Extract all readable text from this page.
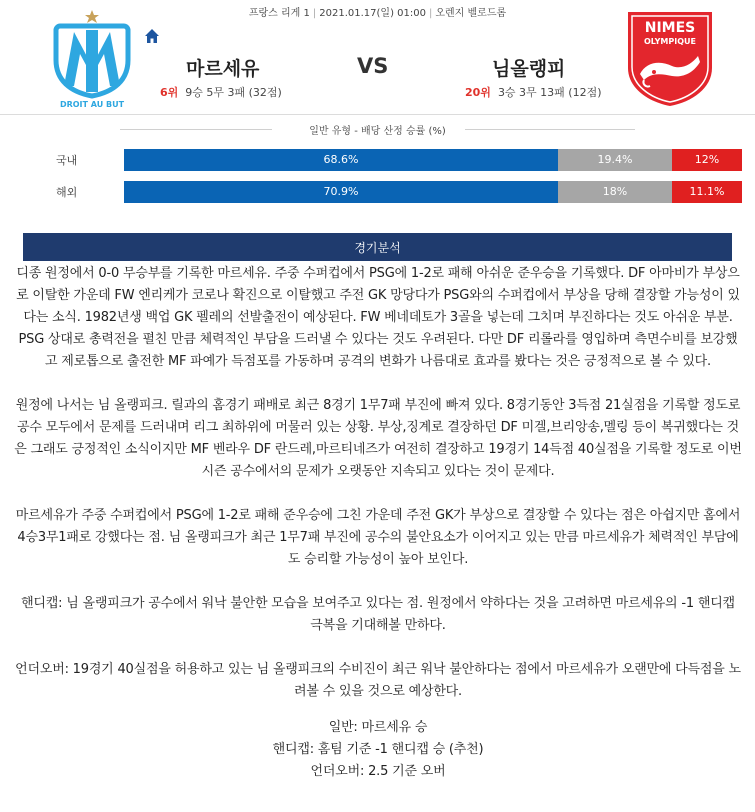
프랑스 리게 1 | 2021.01.17(일) 01:00 | 오렌지 벨로드롬
DROIT AU BUT
NIMES
OLYMPIQUE
마르세유	VS	님올랭피
6위 9승 5무 3패 (32점)	20위 3승 3무 13패 (12점)
일반 유형 - 배당 산정 승률 (%)
국내	68.6%	19.4%	12%
해외	70.9%	18%	11.1%
경기분석

디종 원정에서 0-0 무승부를 기록한 마르세유. 주중 수퍼컵에서 PSG에 1-2로 패해 아쉬운 준우승을 기록했다. DF 아마비가 부상으로 이탈한 가운데 FW 엔리케가 코로나 확진으로 이탈했고 주전 GK 망당다가 PSG와의 수퍼컵에서 부상을 당해 결장할 가능성이 있다는 소식. 1982년생 백업 GK 펠레의 선발출전이 예상된다. FW 베네데토가 3골을 넣는데 그치며 부진하다는 것도 아쉬운 부분. PSG 상대로 총력전을 펼친 만큼 체력적인 부담을 드러낼 수 있다는 것도 우려된다. 다만 DF 리롤라를 영입하며 측면수비를 보강했고 제로톱으로 출전한 MF 파예가 득점포를 가동하며 공격의 변화가 나름대로 효과를 봤다는 것은 긍정적으로 볼 수 있다.

원정에 나서는 님 올랭피크. 릴과의 홈경기 패배로 최근 8경기 1무7패 부진에 빠져 있다. 8경기동안 3득점 21실점을 기록할 정도로 공수 모두에서 문제를 드러내며 리그 최하위에 머물러 있는 상황. 부상,징계로 결장하던 DF 미겔,브리앙송,멜링 등이 복귀했다는 것은 그래도 긍정적인 소식이지만 MF 벤라우 DF 란드레,마르티네즈가 여전히 결장하고 19경기 14득점 40실점을 기록할 정도로 이번 시즌 공수에서의 문제가 오랫동안 지속되고 있다는 것이 문제다.

마르세유가 주중 수퍼컵에서 PSG에 1-2로 패해 준우승에 그친 가운데 주전 GK가 부상으로 결장할 수 있다는 점은 아쉽지만 홈에서 4승3무1패로 강했다는 점. 님 올랭피크가 최근 1무7패 부진에 공수의 불안요소가 이어지고 있는 만큼 마르세유가 체력적인 부담에도 승리할 가능성이 높아 보인다.

핸디캡: 님 올랭피크가 공수에서 워낙 불안한 모습을 보여주고 있다는 점. 원정에서 약하다는 것을 고려하면 마르세유의 -1 핸디캡 극복을 기대해볼 만하다.

언더오버: 19경기 40실점을 허용하고 있는 님 올랭피크의 수비진이 최근 워낙 불안하다는 점에서 마르세유가 오랜만에 다득점을 노려볼 수 있을 것으로 예상한다.

일반: 마르세유 승
핸디캡: 홈팀 기준 -1 핸디캡 승 (추천)
언더오버: 2.5 기준 오버
